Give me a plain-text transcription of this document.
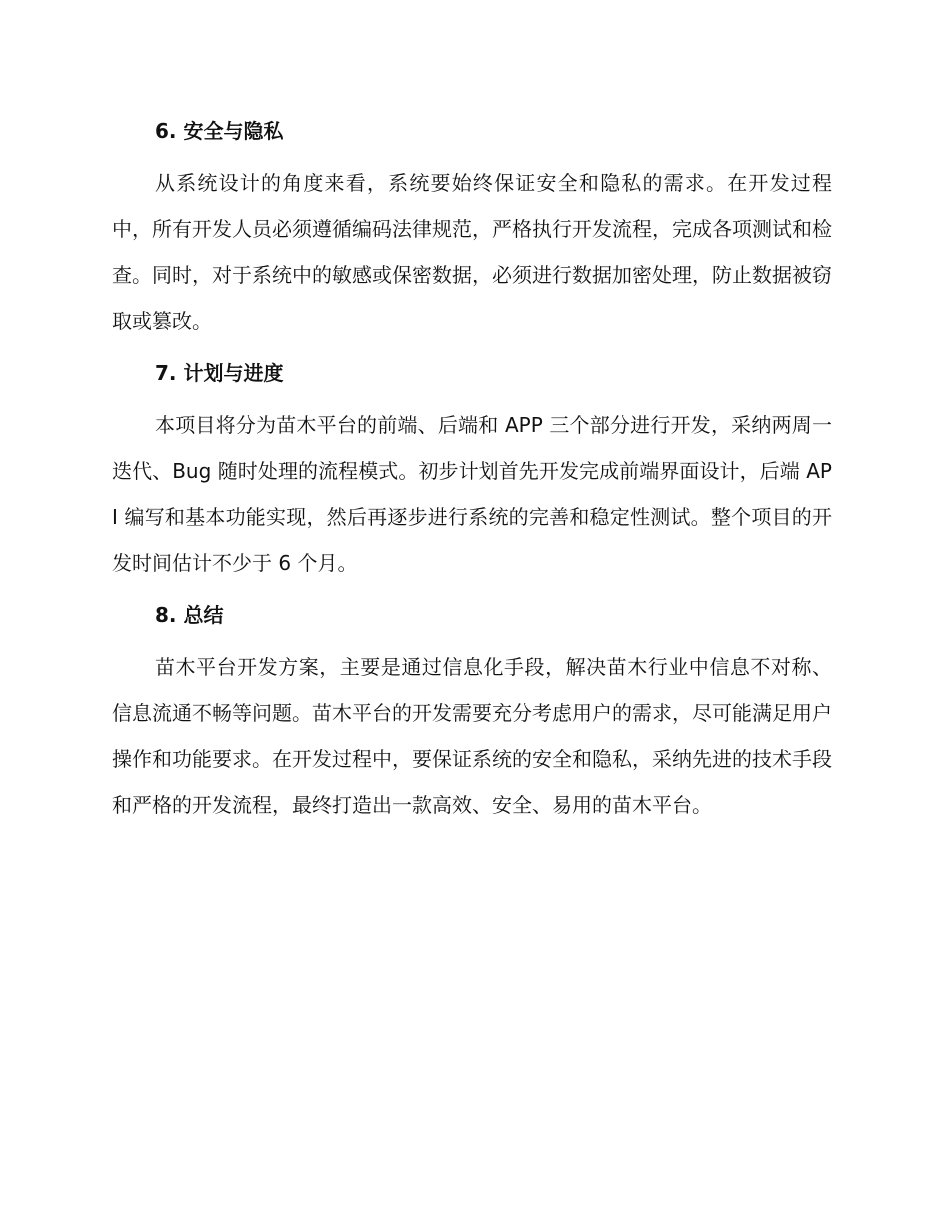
6. 安全与隐私

从系统设计的角度来看，系统要始终保证安全和隐私的需求。在开发过程中，所有开发人员必须遵循编码法律规范，严格执行开发流程，完成各项测试和检查。同时，对于系统中的敏感或保密数据，必须进行数据加密处理，防止数据被窃取或篡改。

7. 计划与进度

本项目将分为苗木平台的前端、后端和 APP 三个部分进行开发，采纳两周一迭代、Bug 随时处理的流程模式。初步计划首先开发完成前端界面设计，后端 API 编写和基本功能实现，然后再逐步进行系统的完善和稳定性测试。整个项目的开发时间估计不少于 6 个月。

8. 总结

苗木平台开发方案，主要是通过信息化手段，解决苗木行业中信息不对称、信息流通不畅等问题。苗木平台的开发需要充分考虑用户的需求，尽可能满足用户操作和功能要求。在开发过程中，要保证系统的安全和隐私，采纳先进的技术手段和严格的开发流程，最终打造出一款高效、安全、易用的苗木平台。
